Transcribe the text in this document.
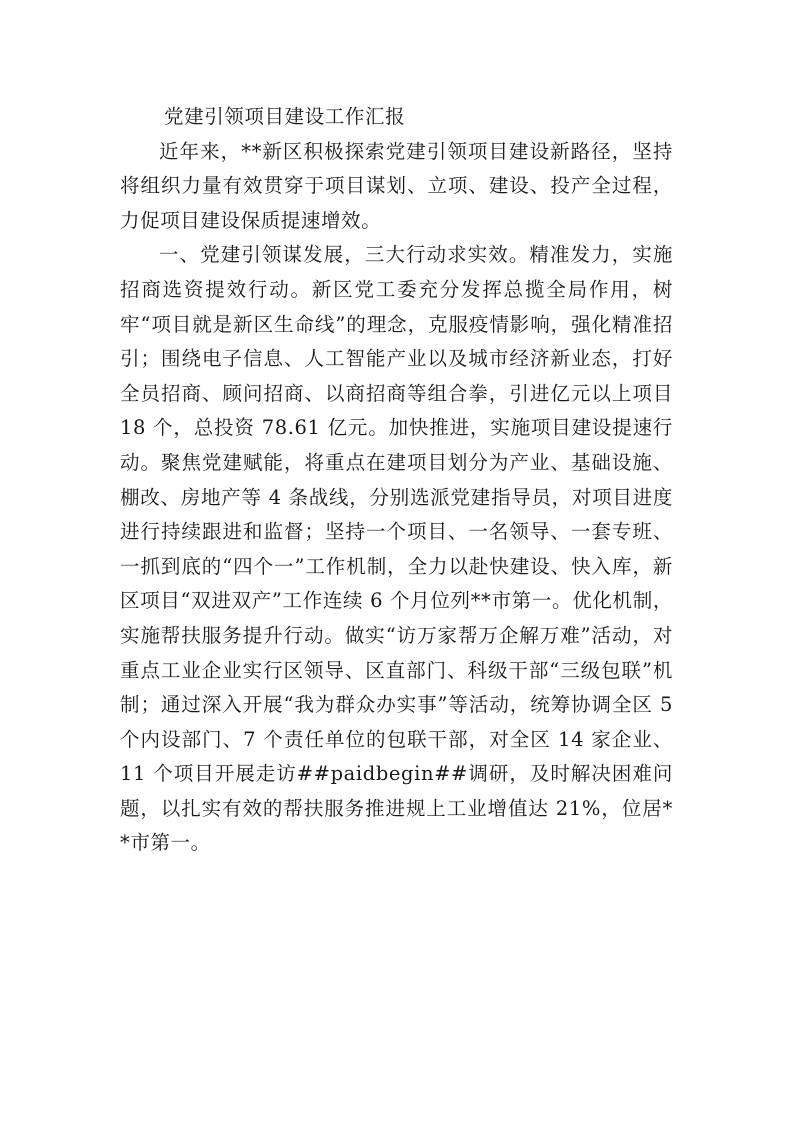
党建引领项目建设工作汇报

近年来，**新区积极探索党建引领项目建设新路径，坚持将组织力量有效贯穿于项目谋划、立项、建设、投产全过程，力促项目建设保质提速增效。

一、党建引领谋发展，三大行动求实效。精准发力，实施招商选资提效行动。新区党工委充分发挥总揽全局作用，树牢“项目就是新区生命线”的理念，克服疫情影响，强化精准招引；围绕电子信息、人工智能产业以及城市经济新业态，打好全员招商、顾问招商、以商招商等组合拳，引进亿元以上项目 18 个，总投资 78.61 亿元。加快推进，实施项目建设提速行动。聚焦党建赋能，将重点在建项目划分为产业、基础设施、棚改、房地产等 4 条战线，分别选派党建指导员，对项目进度进行持续跟进和监督；坚持一个项目、一名领导、一套专班、一抓到底的“四个一”工作机制，全力以赴快建设、快入库，新区项目“双进双产”工作连续 6 个月位列**市第一。优化机制，实施帮扶服务提升行动。做实“访万家帮万企解万难”活动，对重点工业企业实行区领导、区直部门、科级干部“三级包联”机制；通过深入开展“我为群众办实事”等活动，统筹协调全区 5 个内设部门、7 个责任单位的包联干部，对全区 14 家企业、11 个项目开展走访##paidbegin##调研，及时解决困难问题，以扎实有效的帮扶服务推进规上工业增值达 21%，位居**市第一。
